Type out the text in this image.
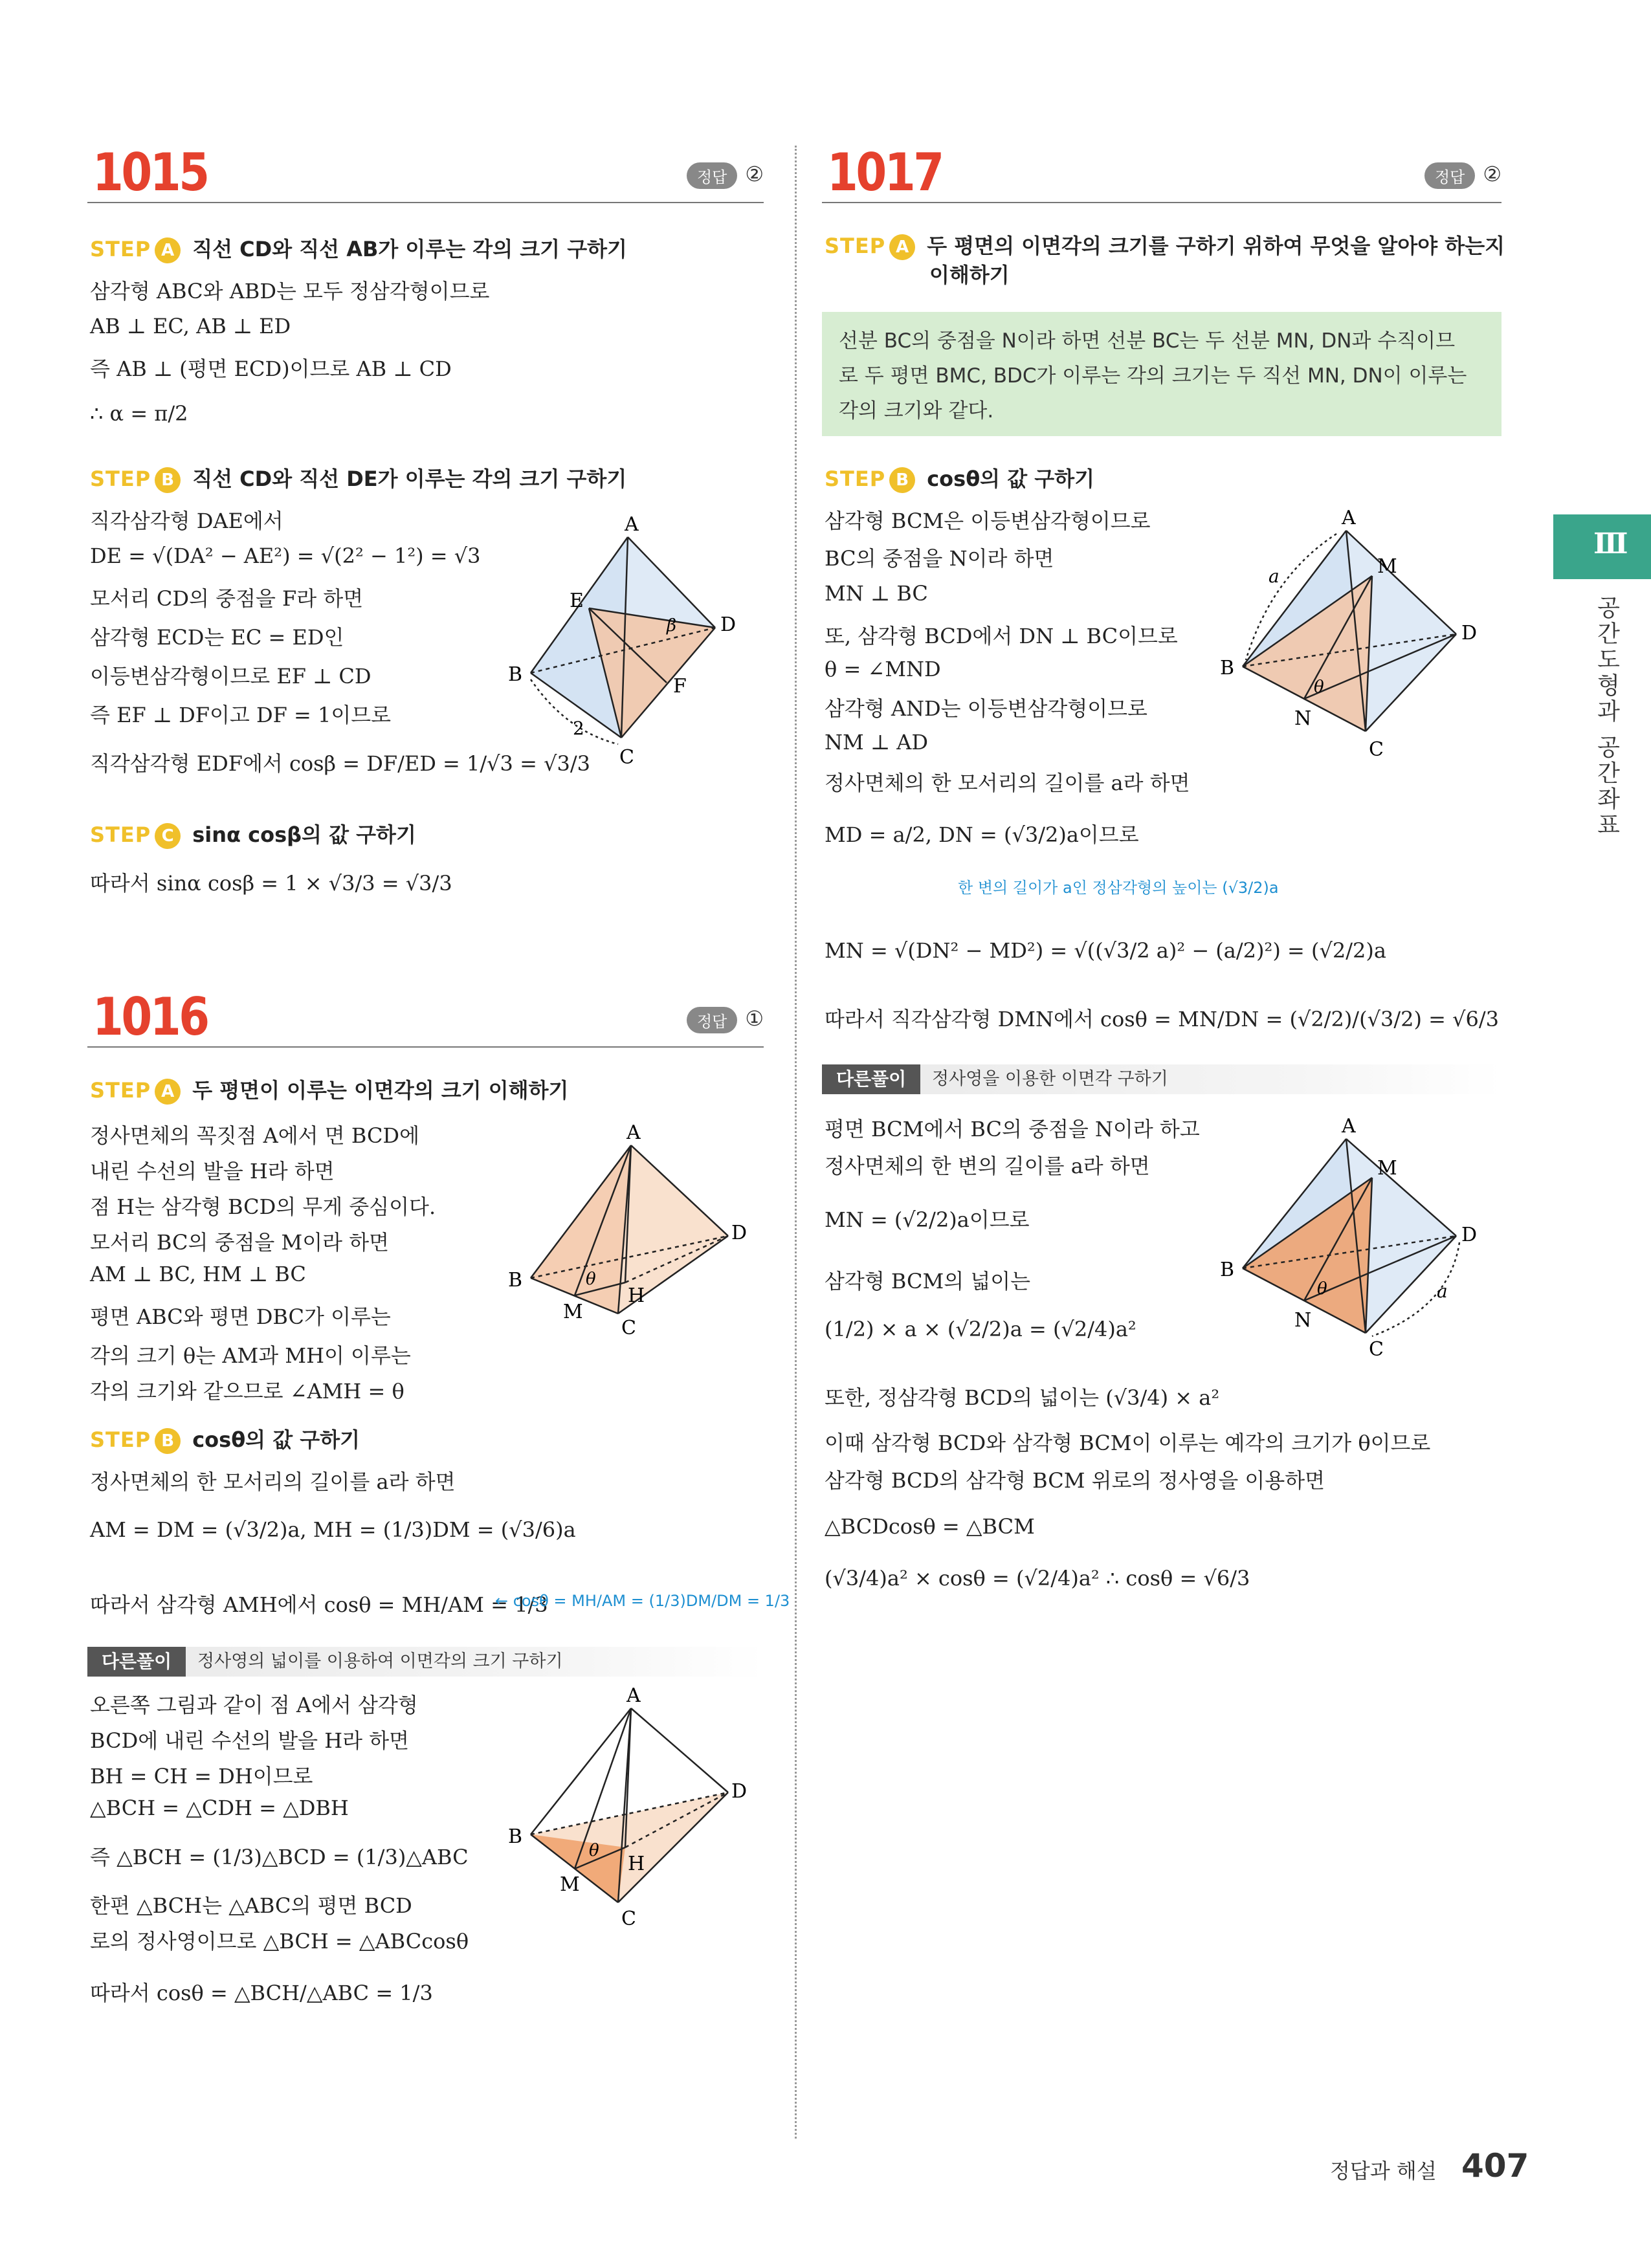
Ⅲ
공간도형과 공간좌표
1015	정답 ②
STEP A 직선 CD와 직선 AB가 이루는 각의 크기 구하기
삼각형 ABC와 ABD는 모두 정삼각형이므로
AB ⊥ EC, AB ⊥ ED
즉 AB ⊥ (평면 ECD)이므로 AB ⊥ CD
∴ α = π/2
STEP B 직선 CD와 직선 DE가 이루는 각의 크기 구하기
직각삼각형 DAE에서
DE = √(DA² − AE²) = √(2² − 1²) = √3
모서리 CD의 중점을 F라 하면
삼각형 ECD는 EC = ED인
이등변삼각형이므로 EF ⊥ CD
즉 EF ⊥ DF이고 DF = 1이므로
직각삼각형 EDF에서 cosβ = DF/ED = 1/√3 = √3/3
STEP C sinα cosβ의 값 구하기
따라서 sinα cosβ = 1 × √3/3 = √3/3
A
B
C
D
E
F
β
2
1016	정답 ①
STEP A 두 평면이 이루는 이면각의 크기 이해하기
정사면체의 꼭짓점 A에서 면 BCD에
내린 수선의 발을 H라 하면
점 H는 삼각형 BCD의 무게 중심이다.
모서리 BC의 중점을 M이라 하면
AM ⊥ BC, HM ⊥ BC
평면 ABC와 평면 DBC가 이루는
각의 크기 θ는 AM과 MH이 이루는
각의 크기와 같으므로 ∠AMH = θ
STEP B cosθ의 값 구하기
정사면체의 한 모서리의 길이를 a라 하면
AM = DM = (√3/2)a, MH = (1/3)DM = (√3/6)a
따라서 삼각형 AMH에서 cosθ = MH/AM = 1/3
← cosθ = MH/AM = (1/3)DM/DM = 1/3
다른풀이	정사영의 넓이를 이용하여 이면각의 크기 구하기
오른쪽 그림과 같이 점 A에서 삼각형
BCD에 내린 수선의 발을 H라 하면
BH = CH = DH이므로
△BCH = △CDH = △DBH
즉 △BCH = (1/3)△BCD = (1/3)△ABC
한편 △BCH는 △ABC의 평면 BCD
로의 정사영이므로 △BCH = △ABCcosθ
따라서 cosθ = △BCH/△ABC = 1/3
A
B
C
D
H
M
θ
A
B
C
D
H
M
θ
1017	정답 ②
STEP A 두 평면의 이면각의 크기를 구하기 위하여 무엇을 알아야 하는지
이해하기
선분 BC의 중점을 N이라 하면 선분 BC는 두 선분 MN, DN과 수직이므
로 두 평면 BMC, BDC가 이루는 각의 크기는 두 직선 MN, DN이 이루는
각의 크기와 같다.
STEP B cosθ의 값 구하기
삼각형 BCM은 이등변삼각형이므로
BC의 중점을 N이라 하면
MN ⊥ BC
또, 삼각형 BCD에서 DN ⊥ BC이므로
θ = ∠MND
삼각형 AND는 이등변삼각형이므로
NM ⊥ AD
정사면체의 한 모서리의 길이를 a라 하면
MD = a/2, DN = (√3/2)a이므로
한 변의 길이가 a인 정삼각형의 높이는 (√3/2)a
MN = √(DN² − MD²) = √((√3/2 a)² − (a/2)²) = (√2/2)a
따라서 직각삼각형 DMN에서 cosθ = MN/DN = (√2/2)/(√3/2) = √6/3
다른풀이	정사영을 이용한 이면각 구하기
평면 BCM에서 BC의 중점을 N이라 하고
정사면체의 한 변의 길이를 a라 하면
MN = (√2/2)a이므로
삼각형 BCM의 넓이는
(1/2) × a × (√2/2)a = (√2/4)a²
또한, 정삼각형 BCD의 넓이는 (√3/4) × a²
이때 삼각형 BCD와 삼각형 BCM이 이루는 예각의 크기가 θ이므로
삼각형 BCD의 삼각형 BCM 위로의 정사영을 이용하면
△BCDcosθ = △BCM
(√3/4)a² × cosθ = (√2/4)a² ∴ cosθ = √6/3
A
B
C
D
M
N
a
θ
A
B
C
D
M
N
a
θ
정답과 해설 407
